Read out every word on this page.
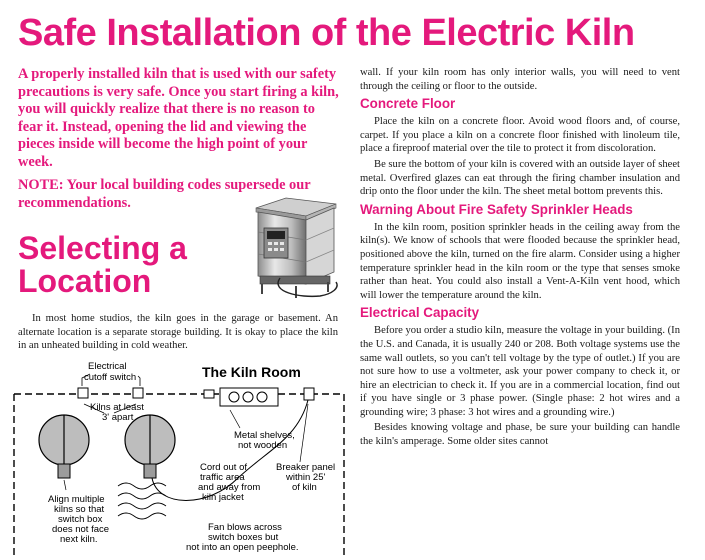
Safe Installation of the Electric Kiln
A properly installed kiln that is used with our safety precautions is very safe. Once you start firing a kiln, you will quickly realize that there is no reason to fear it. Instead, opening the lid and viewing the pieces inside will become the high point of your week.
NOTE: Your local building codes supersede our recommendations.
Selecting a
Location
In most home studios, the kiln goes in the garage or basement. An alternate location is a separate storage building. It is okay to place the kiln in an unheated building in cold weather.
The Kiln Room
Electrical
cutoff switch
Kilns at least
3' apart
Metal shelves,
not wooden
Cord out of
traffic area
and away from
kiln jacket
Breaker panel
within 25'
of kiln
Align multiple
kilns so that
switch box
does not face
next kiln.
Fan blows across
switch boxes but
not into an open peephole.

wall. If your kiln room has only interior walls, you will need to vent through the ceiling or floor to the outside.

Concrete Floor

Place the kiln on a concrete floor. Avoid wood floors and, of course, carpet. If you place a kiln on a concrete floor finished with linoleum tile, place a fireproof material over the tile to protect it from discoloration.

Be sure the bottom of your kiln is covered with an outside layer of sheet metal. Overfired glazes can eat through the firing chamber insulation and drip onto the floor under the kiln. The sheet metal bottom prevents this.

Warning About Fire Safety Sprinkler Heads

In the kiln room, position sprinkler heads in the ceiling away from the kiln(s). We know of schools that were flooded because the sprinkler head, positioned above the kiln, turned on the fire alarm. Consider using a higher temperature sprinkler head in the kiln room or the type that senses smoke rather than heat. You could also install a Vent-A-Kiln vent hood, which will lower the temperature around the kiln.

Electrical Capacity

Before you order a studio kiln, measure the voltage in your building. (In the U.S. and Canada, it is usually 240 or 208. Both voltage systems use the same wall outlets, so you can't tell voltage by the type of outlet.) If you are not sure how to use a voltmeter, ask your power company to check it, or hire an electrician to check it. If you are in a commercial location, find out if you have single or 3 phase power. (Single phase: 2 hot wires and a grounding wire; 3 phase: 3 hot wires and a grounding wire.)

Besides knowing voltage and phase, be sure your building can handle the kiln's amperage. Some older sites cannot
